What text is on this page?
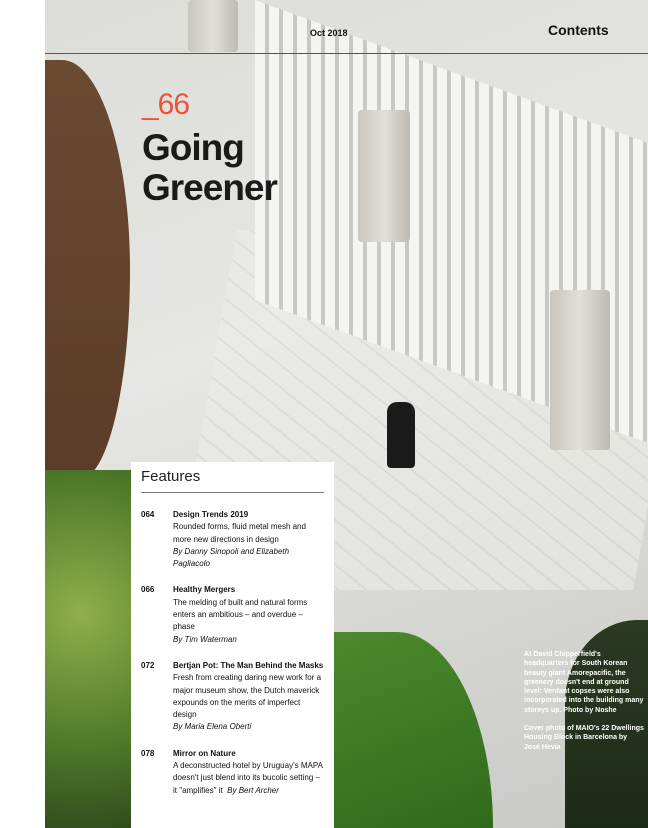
Oct 2018	Contents
_66
Going
Greener
Features
064	Design Trends 2019
Rounded forms, fluid metal mesh and more new directions in design
By Danny Sinopoli and Elizabeth Pagliacolo
066	Healthy Mergers
The melding of built and natural forms enters an ambitious – and overdue – phase
By Tim Waterman
072	Bertjan Pot: The Man Behind the Masks
Fresh from creating daring new work for a major museum show, the Dutch maverick expounds on the merits of imperfect design
By Maria Elena Oberti
078	Mirror on Nature
A deconstructed hotel by Uruguay's MAPA doesn't just blend into its bucolic setting – it "amplifies" it By Bert Archer

At David Chipperfield's headquarters for South Korean beauty giant Amorepacific, the greenery doesn't end at ground level: Verdant copses were also incorporated into the building many storeys up. Photo by Noshe

Cover photo of MAIO's 22 Dwellings Housing Block in Barcelona by José Hevia
